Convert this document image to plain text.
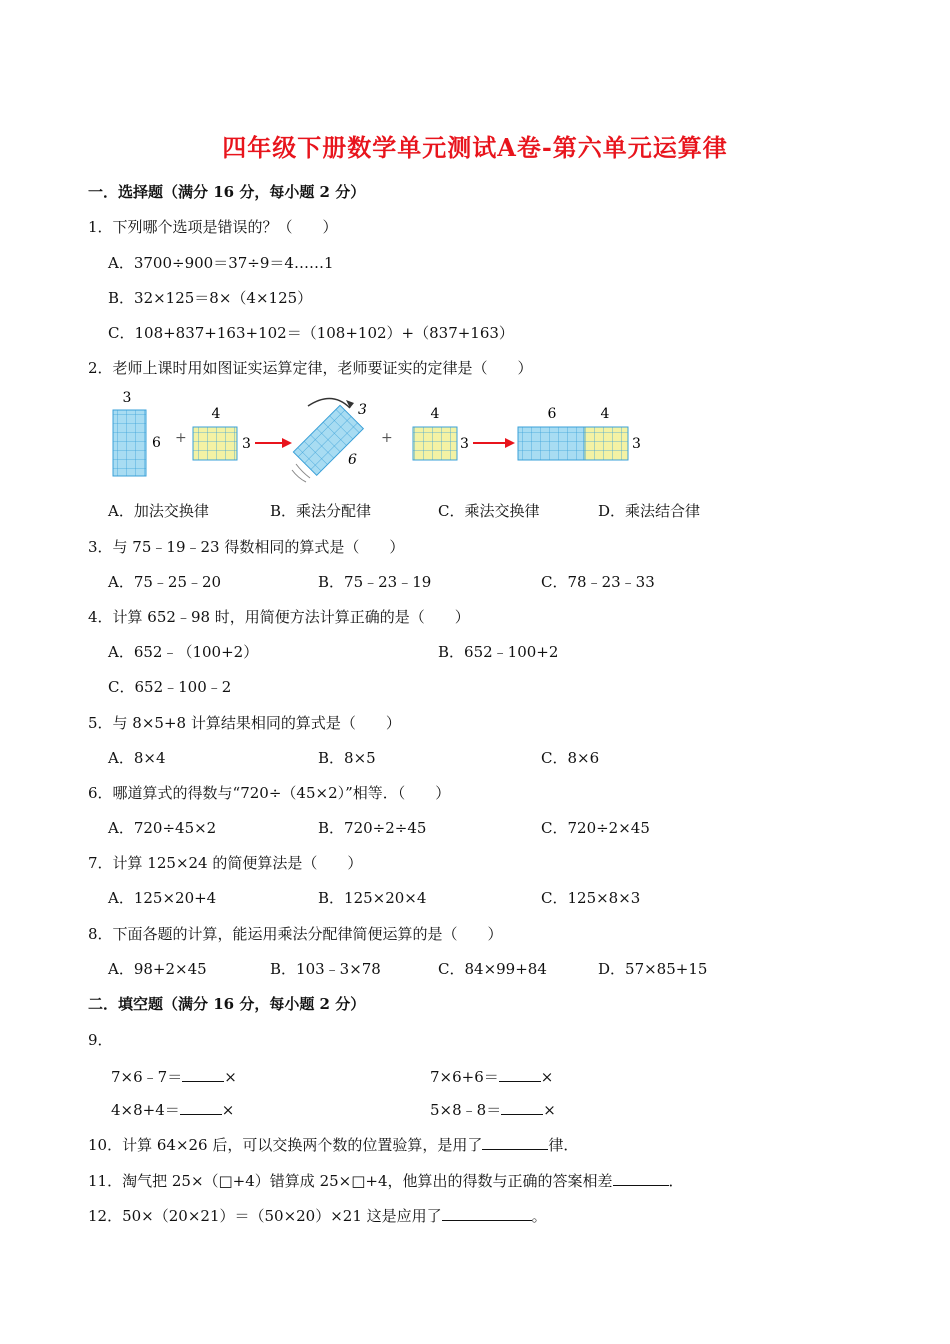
四年级下册数学单元测试A卷-第六单元运算律
一．选择题（满分 16 分，每小题 2 分）
1．下列哪个选项是错误的？（　　）
A．3700÷900＝37÷9＝4……1
B．32×125＝8×（4×125）
C．108+837+163+102＝（108+102）+（837+163）
2．老师上课时用如图证实运算定律，老师要证实的定律是（　　）
3
6 +
4
3
3
6
+
4
3
6	4
3
A．加法交换律	B．乘法分配律	C．乘法交换律	D．乘法结合律
3．与 75﹣19﹣23 得数相同的算式是（　　）
A．75﹣25﹣20	B．75﹣23﹣19	C．78﹣23﹣33
4．计算 652﹣98 时，用简便方法计算正确的是（　　）
A．652﹣（100+2）	B．652﹣100+2
C．652﹣100﹣2
5．与 8×5+8 计算结果相同的算式是（　　）
A．8×4	B．8×5	C．8×6
6．哪道算式的得数与“720÷（45×2）”相等．（　　）
A．720÷45×2	B．720÷2÷45	C．720÷2×45
7．计算 125×24 的简便算法是（　　）
A．125×20+4	B．125×20×4	C．125×8×3
8．下面各题的计算，能运用乘法分配律简便运算的是（　　）
A．98+2×45	B．103﹣3×78	C．84×99+84	D．57×85+15
二．填空题（满分 16 分，每小题 2 分）
9．
7×6﹣7＝	×	7×6+6＝	×
4×8+4＝	×	5×8﹣8＝	×
10．计算 64×26 后，可以交换两个数的位置验算，是用了	律．
11．淘气把 25×（□+4）错算成 25×□+4，他算出的得数与正确的答案相差	．
12．50×（20×21）＝（50×20）×21 这是应用了	。
